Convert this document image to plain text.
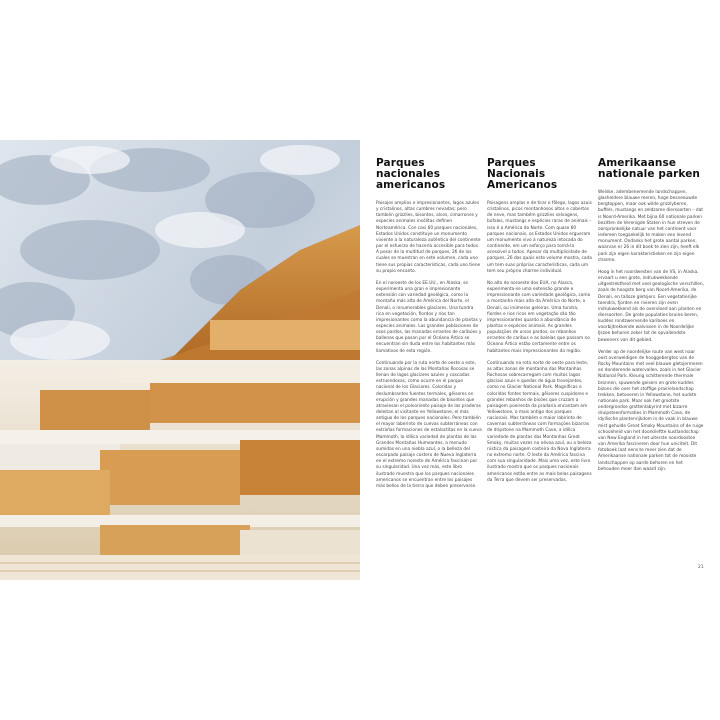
Parques nacionales americanos

Paisajes amplios e impresionantes, lagos azules y cristalinos, altas cumbres nevadas; pero también grizzlies, bisontes, alces, cimarrones y especies animales insólitas definen Norteamérica. Con casi 60 parques nacionales, Estados Unidos constituye un monumento viviente a la naturaleza auténtica del continente por el esfuerzo de hacerla accesible para todos. A pesar de la multitud de parques, 26 de los cuales se muestran en este volumen, cada uno tiene sus propias características, cada uno tiene su propio encanto.

En el noroeste de los EE.UU., en Alaska, se experimenta una gran e impresionante extensión con variedad geológica, como la montaña más alta de América del Norte, el Denali, o innumerables glaciares. Una tundra rica en vegetación, fiordos y ríos tan impresionantes como la abundancia de plantas y especies animales. Las grandes poblaciones de osos pardos, las manadas errantes de caribúes y ballenas que pasan por el Océano Ártico se encuentran sin duda entre los habitantes más llamativos de esta región.

Continuando por la ruta norte de oeste a este, las zonas alpinas de las Montañas Rocosas se llenan de lagos glaciares azules y cascadas estruendosas, como ocurre en el parque nacional de los Glaciares. Coloridas y deslumbrantes fuentes termales, géiseres en erupción y grandes manadas de bisontes que atraviesan el polvoriento paisaje de las praderas deleitan al visitante en Yellowstone, el más antiguo de los parques nacionales. Pero también el mayor laberinto de cuevas subterráneas con extrañas formaciones de estalactitas en la cueva Mammoth, la idílica variedad de plantas de las Grandes Montañas Humeantes, a menudo sumidas en una niebla azul, o la belleza del escarpado paisaje costero de Nueva Inglaterra en el extremo noreste de América fascinan por su singularidad. Una vez más, este libro ilustrado muestra que los parques nacionales americanos se encuentran entre los paisajes más bellos de la tierra que deben preservarse.

Parques Nacionais Americanos

Paisagens amplas e de tirar o fôlego, lagos azuis cristalinos, picos montanhosos altos e cobertos de neve, mas também grizzlies selvagens, búfalos, mustangs e espécies raras de animais – isso é a América do Norte. Com quase 60 parques nacionais, os Estados Unidos ergueram um monumento vivo à natureza intocada do continente, em um esforço para torná-la acessível a todos. Apesar da multiplicidade de parques, 26 dos quais este volume mostra, cada um tem suas próprias características, cada um tem seu próprio charme individual.

No alto do noroeste dos EUA, no Alasca, experimenta-se uma extensão grande e impressionante com variedade geológica, como a montanha mais alta da América do Norte, o Denali, ou inúmeras geleiras. Uma tundra, fiordes e rios ricos em vegetação são tão impressionantes quanto a abundância de plantas e espécies animais. As grandes populações de ursos pardos, os rebanhos errantes de caribus e as baleias que passam no Oceano Ártico estão certamente entre os habitantes mais impressionantes da região.

Continuando na rota norte de oeste para leste, as altas zonas de montanha das Montanhas Rochosas sobrecarregam com muitos lagos glaciais azuis e quedas de água trovejantes, como no Glacier National Park. Magníficas e coloridas fontes termais, gêiseres cuspidores e grandes rebanhos de bisões que cruzam a paisagem poeirenta da pradaria encantam em Yellowstone, o mais antigo dos parques nacionais. Mas também o maior labirinto de cavernas subterrâneas com formações bizarras de dripstone na Mammoth Cave, a idílica variedade de plantas das Montanhas Great Smoky, muitas vezes na névoa azul, ou a beleza rústica da paisagem costeira da Nova Inglaterra no extremo norte. O leste da América fascina com sua singularidade. Mais uma vez, este livro ilustrado mostra que os parques nacionais americanos estão entre as mais belas paisagens da Terra que devem ser preservadas.

Amerikaanse nationale parken

Weidse, adembenemende landschappen, glasheldere blauwe meren, hoge besneeuwde bergtoppen, maar ook wilde grizzlyberen, buffels, mustangs en zeldzame diersoorten – dat is Noord-Amerika. Met bijna 60 nationale parken bezitten de Verenigde Staten in hun streven de oorspronkelijke natuur van het continent voor iedereen toegankelijk te maken een levend monument. Ondanks het grote aantal parken, waarvan er 26 in dit boek te zien zijn, heeft elk park zijn eigen karakteristieken en zijn eigen charme.

Hoog in het noordwesten van de VS, in Alaska, ervaart u een grote, indrukwekkende uitgestrektheid met veel geologische verschillen, zoals de hoogste berg van Noord-Amerika, de Denali, en talloze gletsjers. Een vegetatierijke toendra, fjorden en rivieren zijn even indrukwekkend als de overvloed aan planten en diersoorten. De grote populaties bruine beren, kuddes rondzwervende kariboes en voorbijtrekkende walvissen in de Noordelijke IJszee behoren zeker tot de opvallendste bewoners van dit gebied.

Verder op de noordelijke route van west naar oost overweldigen de hooggebergtes van de Rocky Mountains met veel blauwe gletsjermeren en donderende watervallen, zoals in het Glacier National Park. Kleurig schitterende thermale bronnen, spuwende geisers en grote kuddes bizons die over het stoffige prairielandschap trekken, betoveren in Yellowstone, het oudste nationale park. Maar ook het grootste ondergrondse grottenlabyrint met bizarre druipsteenformaties in Mammoth Cave, de idyllische plantenrijkdom in de vaak in blauwe mist gehulde Great Smoky Mountains of de ruige schoonheid van het doorklieftte kustlandschap van New England in het uiterste noordoosten van Amerika fascineren door hun uniciteit. Dit fotoboek laat eens te meer zien dat de Amerikaanse nationale parken tot de mooiste landschappen op aarde behoren en het behouden meer dan waard zijn.

21
